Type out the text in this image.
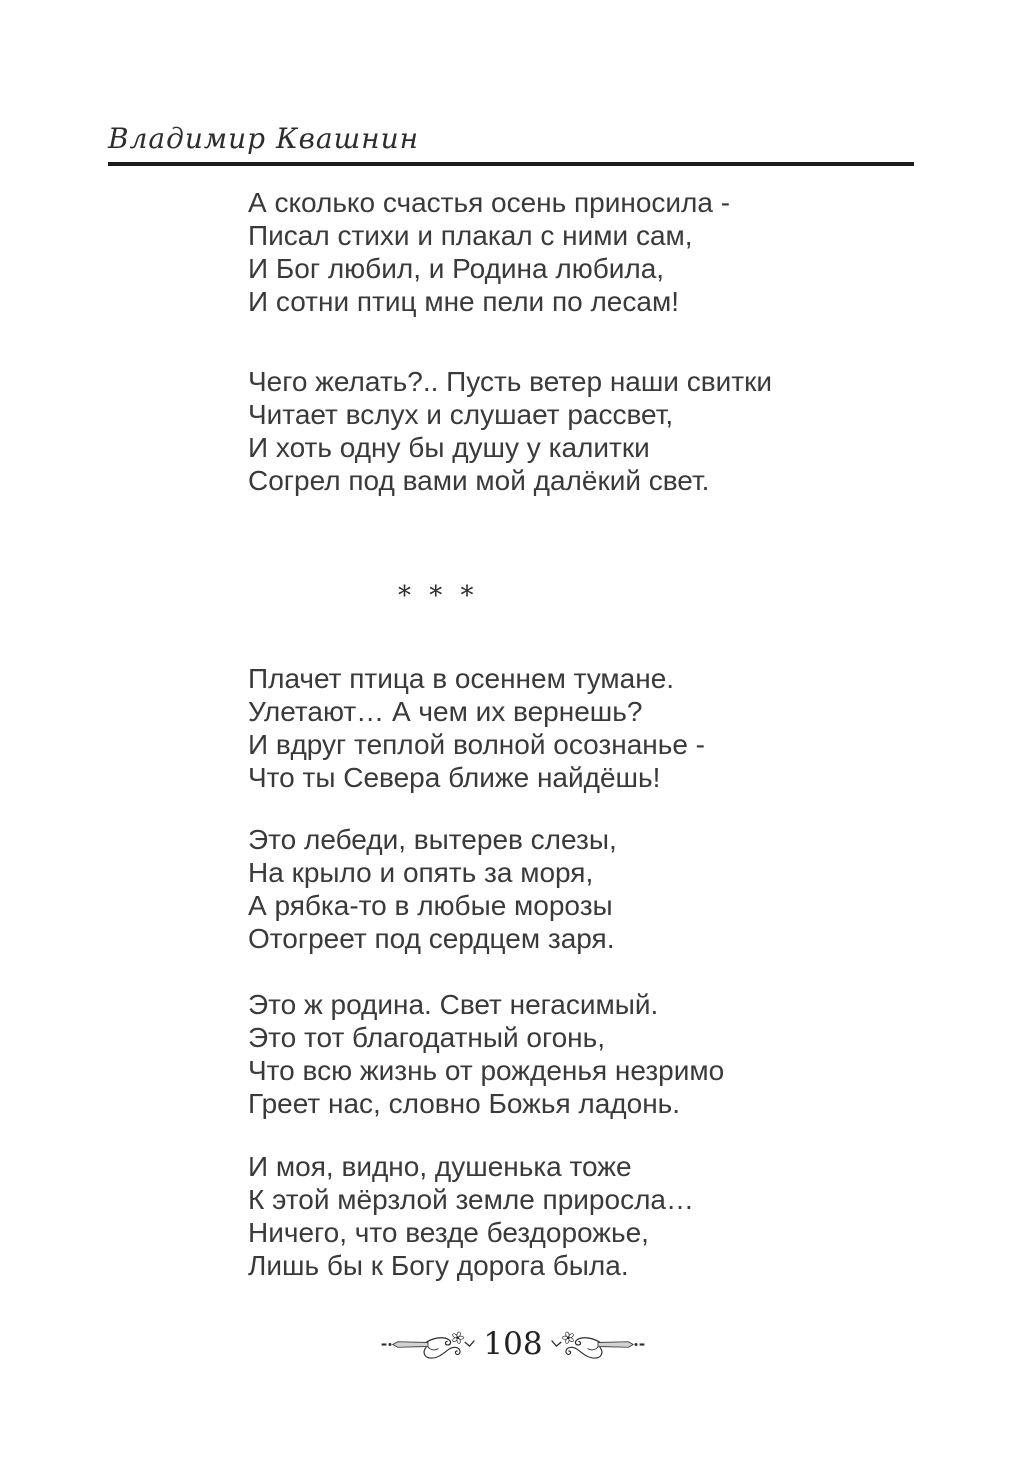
Владимир Квашнин
А сколько счастья осень приносила -
Писал стихи и плакал с ними сам,
И Бог любил, и Родина любила,
И сотни птиц мне пели по лесам!
Чего желать?.. Пусть ветер наши свитки
Читает вслух и слушает рассвет,
И хоть одну бы душу у калитки
Согрел под вами мой далёкий свет.
* * *
Плачет птица в осеннем тумане.
Улетают… А чем их вернешь?
И вдруг теплой волной осознанье -
Что ты Севера ближе найдёшь!
Это лебеди, вытерев слезы,
На крыло и опять за моря,
А рябка-то в любые морозы
Отогреет под сердцем заря.
Это ж родина. Свет негасимый.
Это тот благодатный огонь,
Что всю жизнь от рожденья незримо
Греет нас, словно Божья ладонь.
И моя, видно, душенька тоже
К этой мёрзлой земле приросла…
Ничего, что везде бездорожье,
Лишь бы к Богу дорога была.
108
